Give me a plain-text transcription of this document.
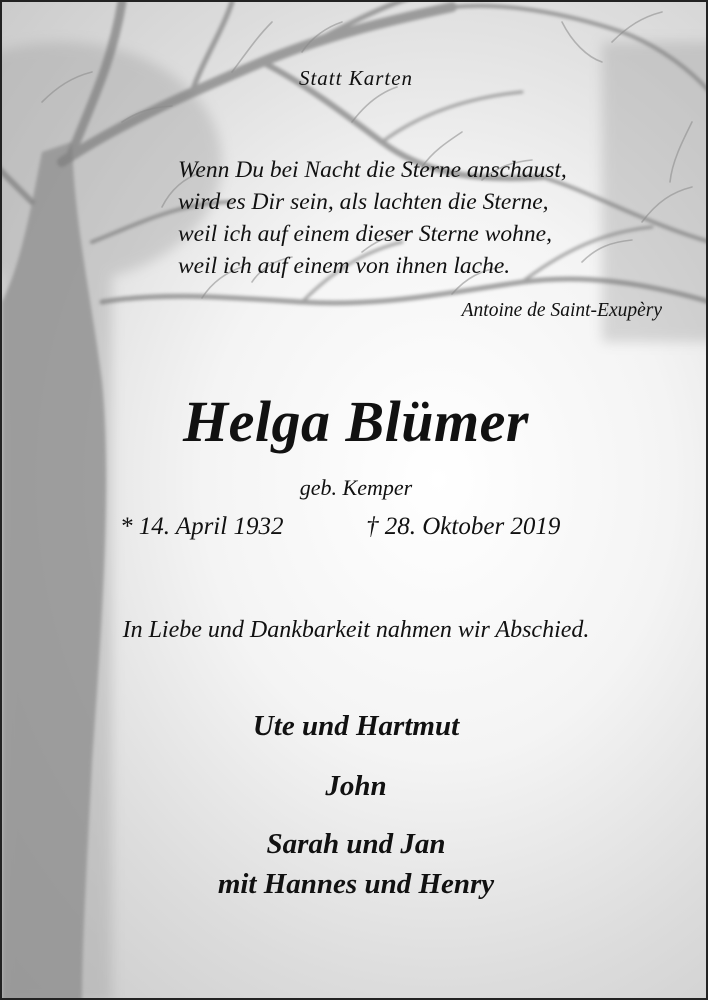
Statt Karten

Wenn Du bei Nacht die Sterne anschaust,
wird es Dir sein, als lachten die Sterne,
weil ich auf einem dieser Sterne wohne,
weil ich auf einem von ihnen lache.

Antoine de Saint-Exupèry

Helga Blümer

geb. Kemper

* 14. April 1932	† 28. Oktober 2019

In Liebe und Dankbarkeit nahmen wir Abschied.

Ute und Hartmut

John

Sarah und Jan

mit Hannes und Henry
